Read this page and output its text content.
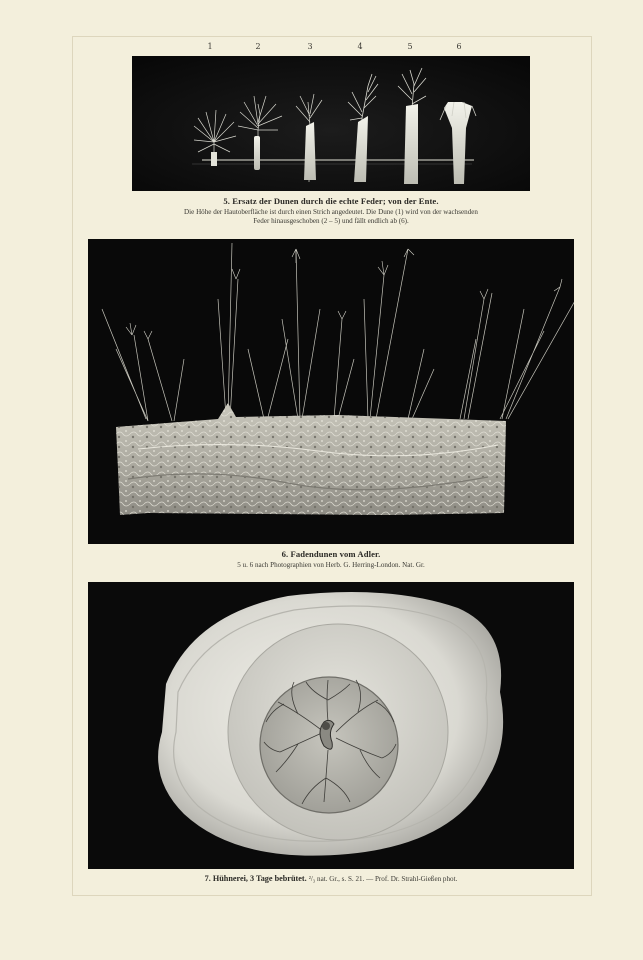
1	2	3	4	5	6
5. Ersatz der Dunen durch die echte Feder; von der Ente.
Die Höhe der Hautoberfläche ist durch einen Strich angedeutet. Die Dune (1) wird von der wachsenden
Feder hinausgeschoben (2 – 5) und fällt endlich ab (6).
6. Fadendunen vom Adler.
5 u. 6 nach Photographien von Herb. G. Herring-London. Nat. Gr.
7. Hühnerei, 3 Tage bebrütet. ²/₃ nat. Gr., s. S. 21. — Prof. Dr. Strahl-Gießen phot.
